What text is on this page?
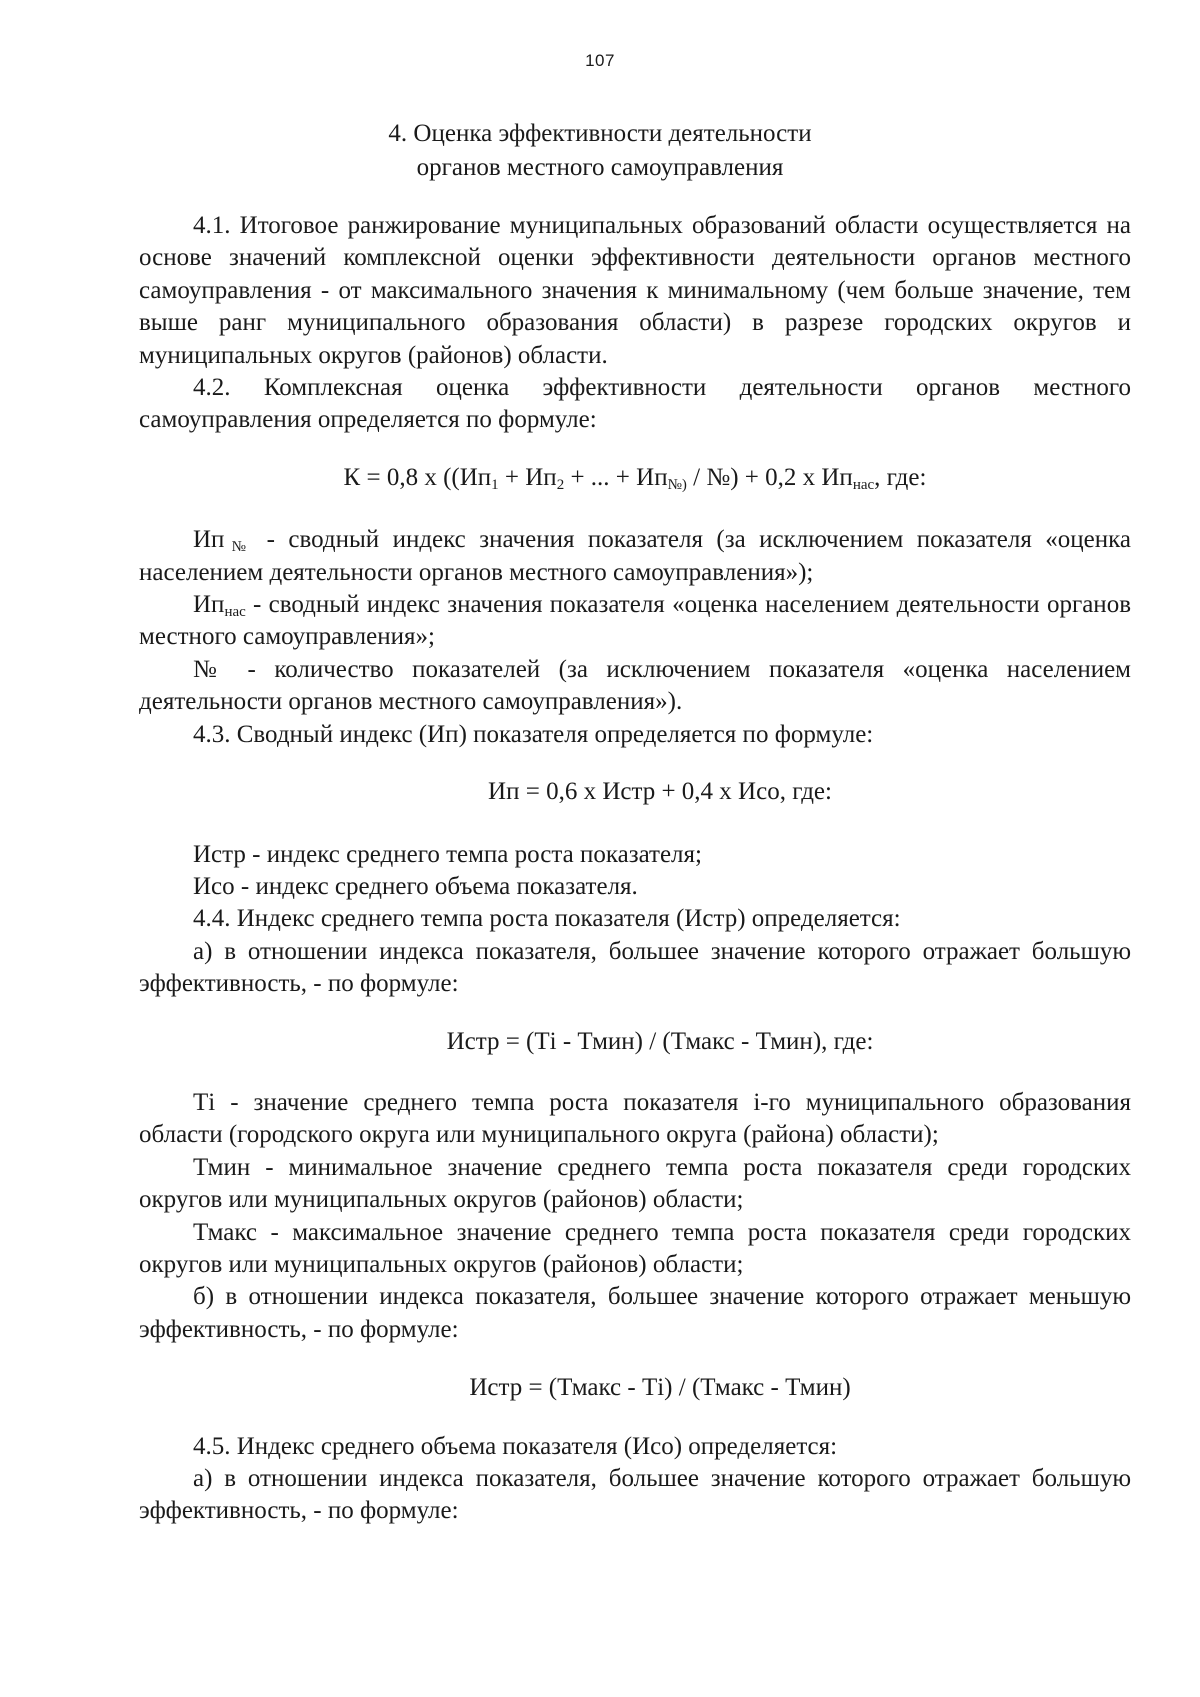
107
4. Оценка эффективности деятельности
органов местного самоуправления

4.1. Итоговое ранжирование муниципальных образований области осуществляется на основе значений комплексной оценки эффективности деятельности органов местного самоуправления - от максимального значения к минимальному (чем больше значение, тем выше ранг муниципального образования области) в разрезе городских округов и муниципальных округов (районов) области.

4.2. Комплексная оценка эффективности деятельности органов местного самоуправления определяется по формуле:

К = 0,8 х (($Ип_1 + Ип_2$ + ... + $Ип_{№)}$ / №) + 0,2 х $Ип_{нас}$, где:

$Ип_№$ - сводный индекс значения показателя (за исключением показателя «оценка населением деятельности органов местного самоуправления»);

$Ип_{нас}$ - сводный индекс значения показателя «оценка населением деятельности органов местного самоуправления»;

№ - количество показателей (за исключением показателя «оценка населением деятельности органов местного самоуправления»).

4.3. Сводный индекс (Ип) показателя определяется по формуле:

Ип = 0,6 х Истр + 0,4 х Исо, где:

Истр - индекс среднего темпа роста показателя;

Исо - индекс среднего объема показателя.

4.4. Индекс среднего темпа роста показателя (Истр) определяется:

а) в отношении индекса показателя, большее значение которого отражает большую эффективность, - по формуле:

Истр = (Тi - Тмин) / (Тмакс - Тмин), где:

Тi - значение среднего темпа роста показателя i-го муниципального образования области (городского округа или муниципального округа (района) области);

Тмин - минимальное значение среднего темпа роста показателя среди городских округов или муниципальных округов (районов) области;

Тмакс - максимальное значение среднего темпа роста показателя среди городских округов или муниципальных округов (районов) области;

б) в отношении индекса показателя, большее значение которого отражает меньшую эффективность, - по формуле:

Истр = (Тмакс - Тi) / (Тмакс - Тмин)

4.5. Индекс среднего объема показателя (Исо) определяется:

а) в отношении индекса показателя, большее значение которого отражает большую эффективность, - по формуле:
